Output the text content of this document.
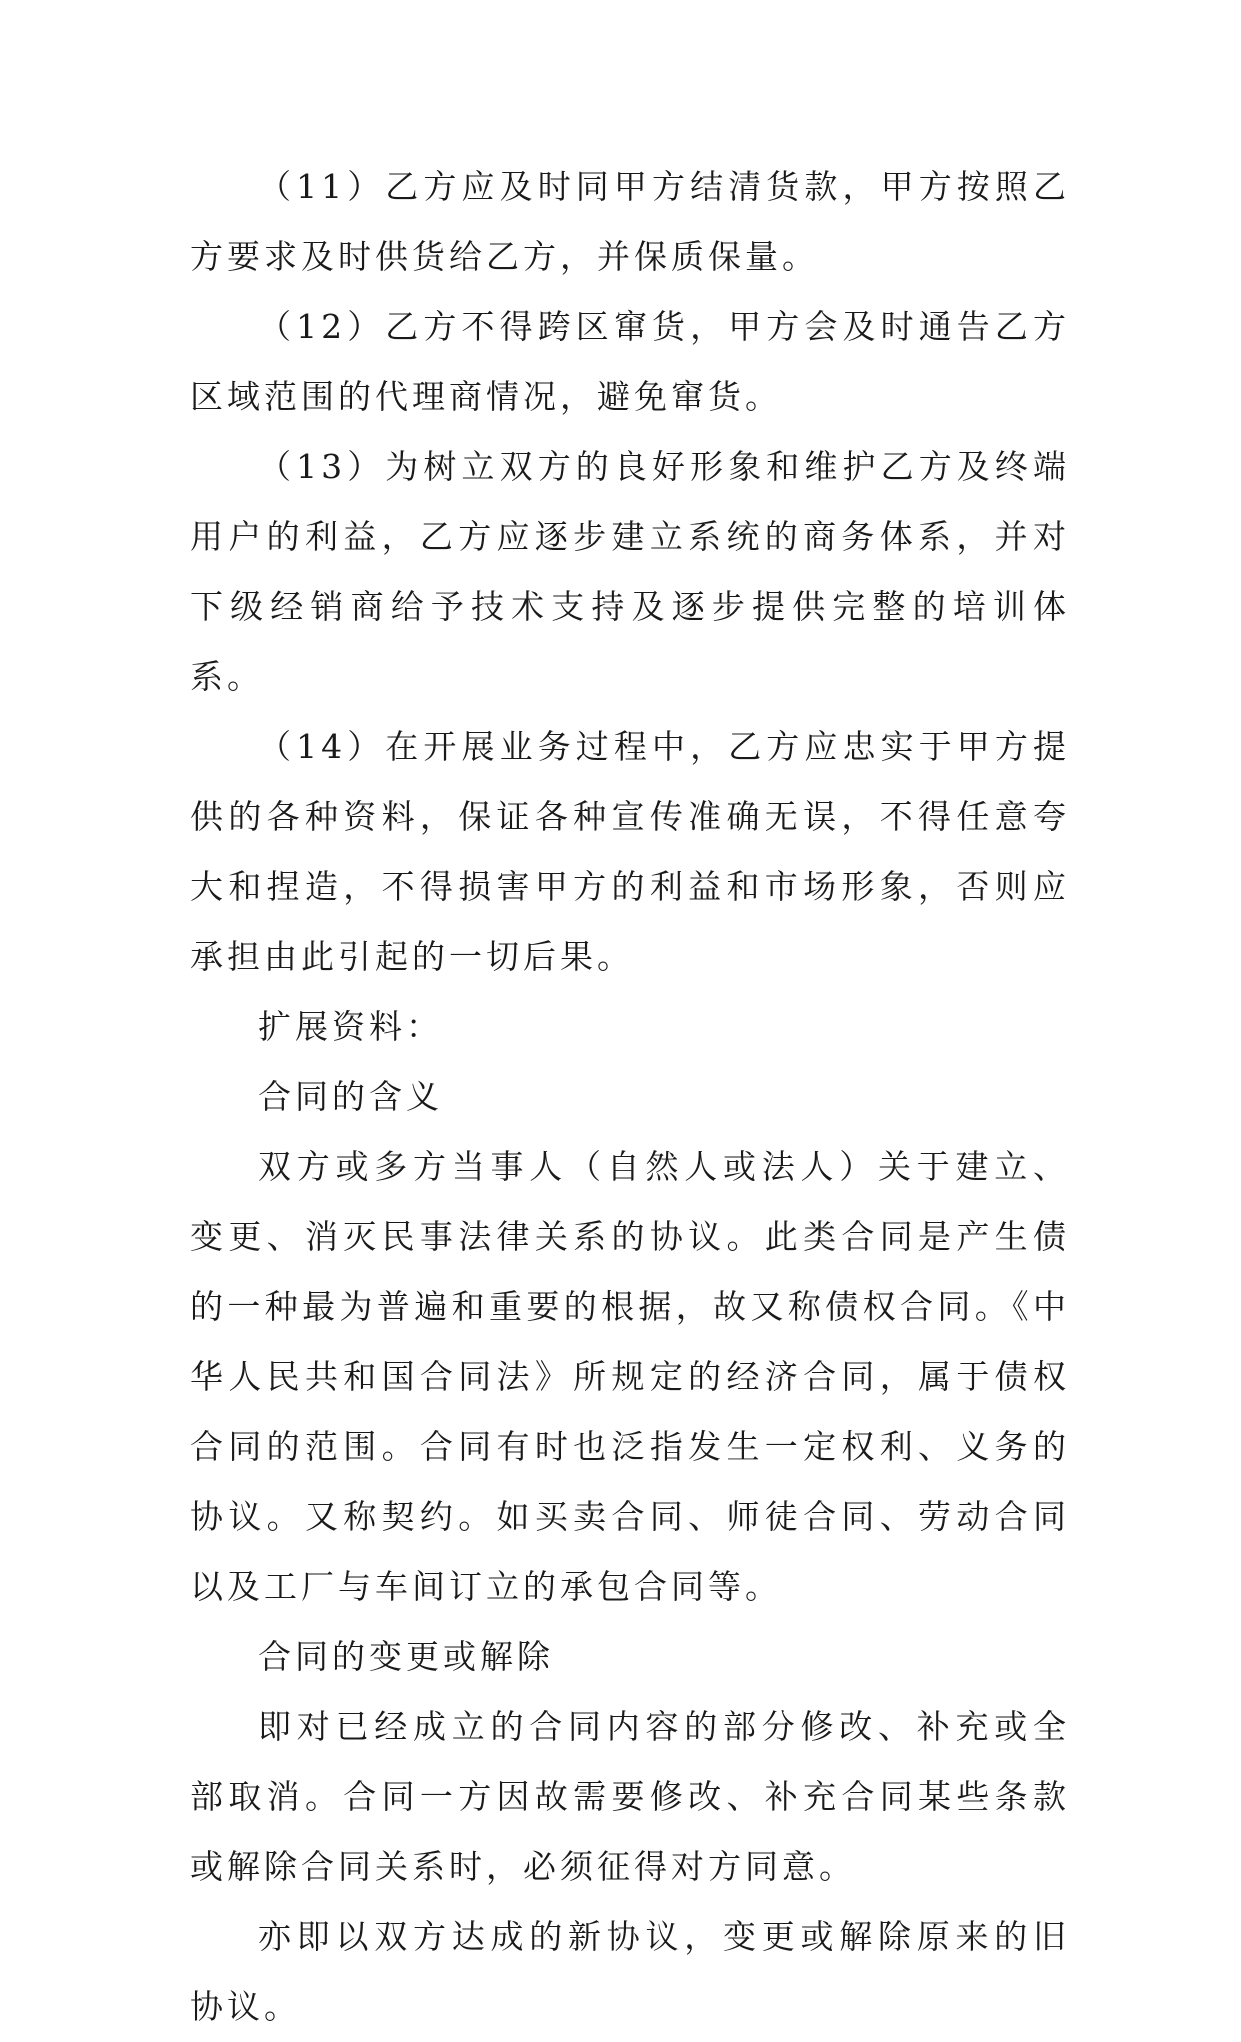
（11）乙方应及时同甲方结清货款，甲方按照乙方要求及时供货给乙方，并保质保量。

（12）乙方不得跨区窜货，甲方会及时通告乙方区域范围的代理商情况，避免窜货。

（13）为树立双方的良好形象和维护乙方及终端用户的利益，乙方应逐步建立系统的商务体系，并对下级经销商给予技术支持及逐步提供完整的培训体系。

（14）在开展业务过程中，乙方应忠实于甲方提供的各种资料，保证各种宣传准确无误，不得任意夸大和捏造，不得损害甲方的利益和市场形象，否则应承担由此引起的一切后果。

扩展资料：

合同的含义

双方或多方当事人（自然人或法人）关于建立、变更、消灭民事法律关系的协议。此类合同是产生债的一种最为普遍和重要的根据，故又称债权合同。《中华人民共和国合同法》所规定的经济合同，属于债权合同的范围。合同有时也泛指发生一定权利、义务的协议。又称契约。如买卖合同、师徒合同、劳动合同以及工厂与车间订立的承包合同等。

合同的变更或解除

即对已经成立的合同内容的部分修改、补充或全部取消。合同一方因故需要修改、补充合同某些条款或解除合同关系时，必须征得对方同意。

亦即以双方达成的新协议，变更或解除原来的旧协议。
